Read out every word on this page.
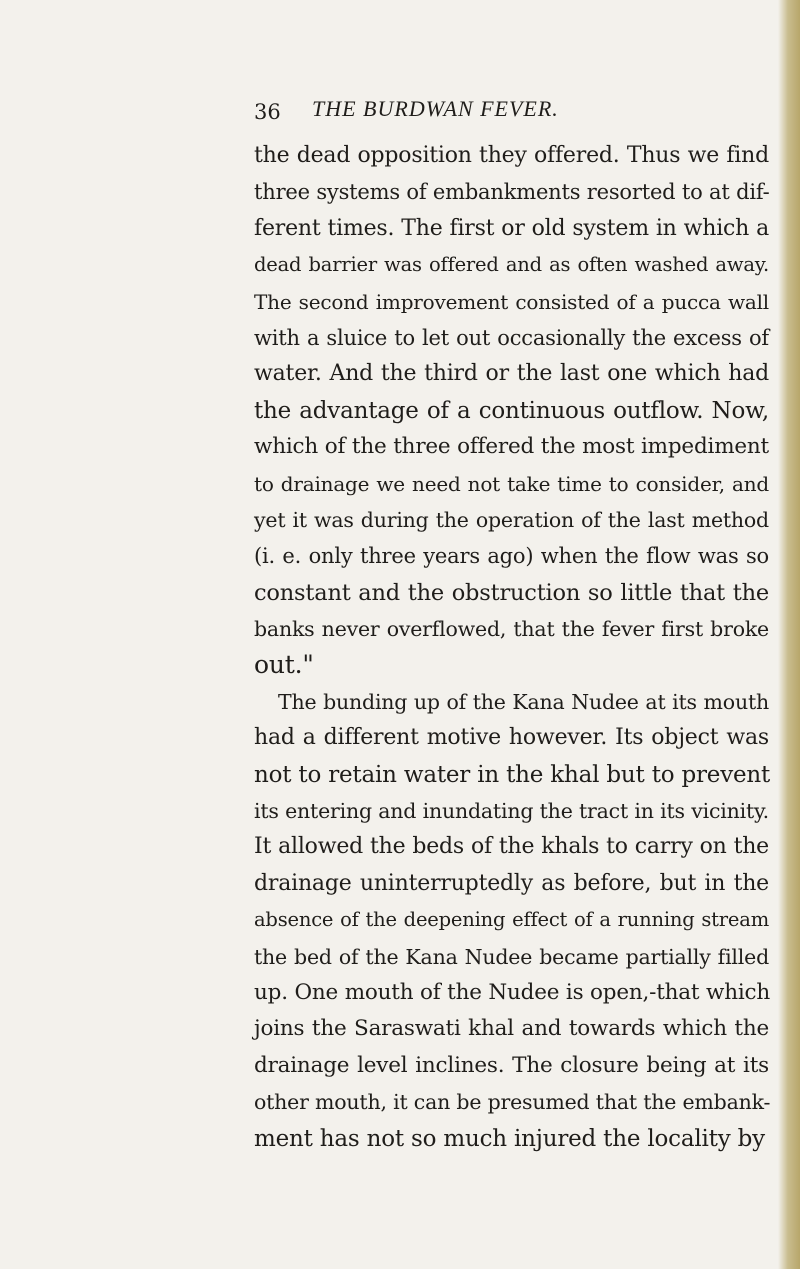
36 THE BURDWAN FEVER.
the dead opposition they offered. Thus we find
three systems of embankments resorted to at dif-
ferent times. The first or old system in which a
dead barrier was offered and as often washed away.
The second improvement consisted of a pucca wall
with a sluice to let out occasionally the excess of
water. And the third or the last one which had
the advantage of a continuous outflow. Now,
which of the three offered the most impediment
to drainage we need not take time to consider, and
yet it was during the operation of the last method
(i. e. only three years ago) when the flow was so
constant and the obstruction so little that the
banks never overflowed, that the fever first broke
out."
The bunding up of the Kana Nudee at its mouth
had a different motive however. Its object was
not to retain water in the khal but to prevent
its entering and inundating the tract in its vicinity.
It allowed the beds of the khals to carry on the
drainage uninterruptedly as before, but in the
absence of the deepening effect of a running stream
the bed of the Kana Nudee became partially filled
up. One mouth of the Nudee is open,-that which
joins the Saraswati khal and towards which the
drainage level inclines. The closure being at its
other mouth, it can be presumed that the embank-
ment has not so much injured the locality by
